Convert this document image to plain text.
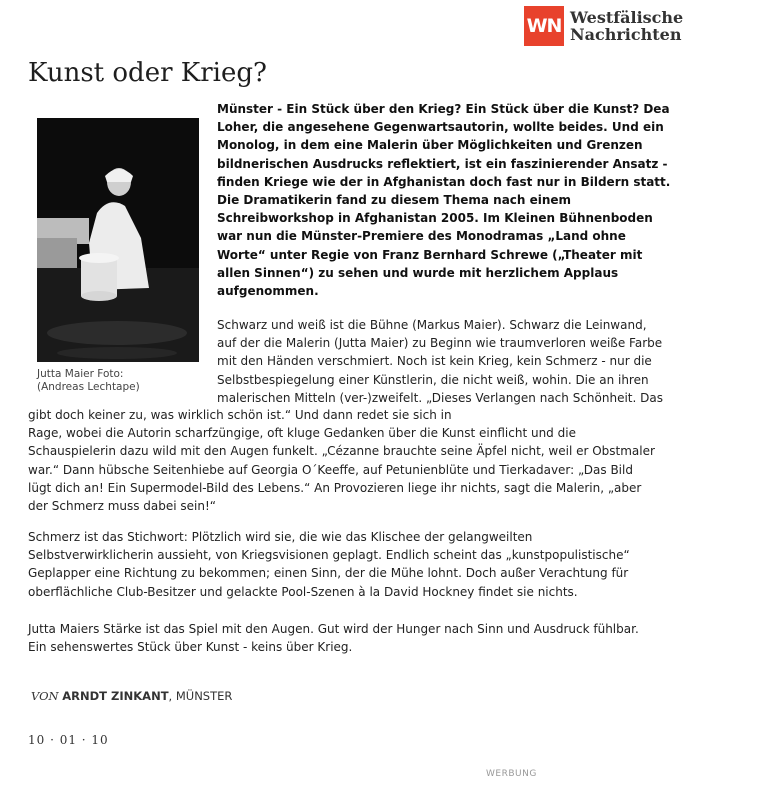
WN Westfälische
Nachrichten
Kunst oder Krieg?
Jutta Maier Foto:
(Andreas Lechtape)

Münster - Ein Stück über den Krieg? Ein Stück über die Kunst? Dea
Loher, die angesehene Gegenwartsautorin, wollte beides. Und ein
Monolog, in dem eine Malerin über Möglichkeiten und Grenzen
bildnerischen Ausdrucks reflektiert, ist ein faszinierender Ansatz -
finden Kriege wie der in Afghanistan doch fast nur in Bildern statt.
Die Dramatikerin fand zu diesem Thema nach einem
Schreibworkshop in Afghanistan 2005. Im Kleinen Bühnenboden
war nun die Münster-Premiere des Monodramas „Land ohne
Worte“ unter Regie von Franz Bernhard Schrewe („Theater mit
allen Sinnen“) zu sehen und wurde mit herzlichem Applaus
aufgenommen.

Schwarz und weiß ist die Bühne (Markus Maier). Schwarz die Leinwand,
auf der die Malerin (Jutta Maier) zu Beginn wie traumverloren weiße Farbe
mit den Händen verschmiert. Noch ist kein Krieg, kein Schmerz - nur die
Selbstbespiegelung einer Künstlerin, die nicht weiß, wohin. Die an ihren
malerischen Mitteln (ver-)zweifelt. „Dieses Verlangen nach Schönheit. Das

gibt doch keiner zu, was wirklich schön ist.“ Und dann redet sie sich in
Rage, wobei die Autorin scharfzüngige, oft kluge Gedanken über die Kunst einflicht und die
Schauspielerin dazu wild mit den Augen funkelt. „Cézanne brauchte seine Äpfel nicht, weil er Obstmaler
war.“ Dann hübsche Seitenhiebe auf Georgia O´Keeffe, auf Petunienblüte und Tierkadaver: „Das Bild
lügt dich an! Ein Supermodel-Bild des Lebens.“ An Provozieren liege ihr nichts, sagt die Malerin, „aber
der Schmerz muss dabei sein!“

Schmerz ist das Stichwort: Plötzlich wird sie, die wie das Klischee der gelangweilten
Selbstverwirklicherin aussieht, von Kriegsvisionen geplagt. Endlich scheint das „kunstpopulistische“
Geplapper eine Richtung zu bekommen; einen Sinn, der die Mühe lohnt. Doch außer Verachtung für
oberflächliche Club-Besitzer und gelackte Pool-Szenen à la David Hockney findet sie nichts.

Jutta Maiers Stärke ist das Spiel mit den Augen. Gut wird der Hunger nach Sinn und Ausdruck fühlbar.
Ein sehenswertes Stück über Kunst - keins über Krieg.

VON ARNDT ZINKANT, MÜNSTER
10 · 01 · 10
WERBUNG
